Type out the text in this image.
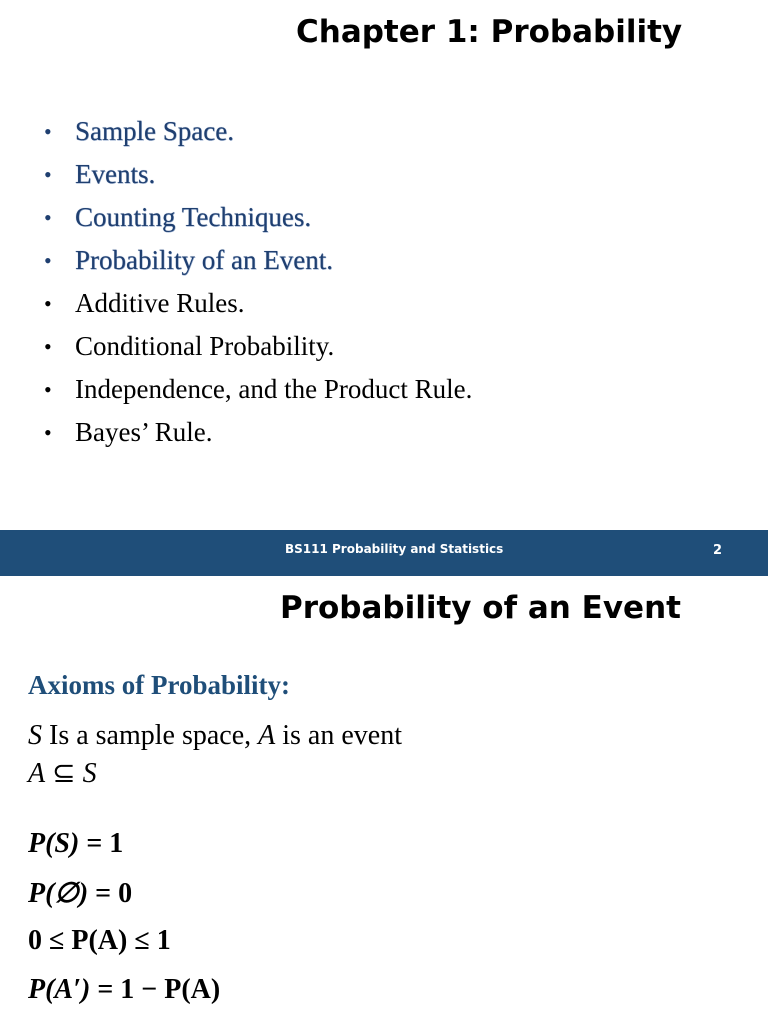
Chapter 1: Probability
• Sample Space.
• Events.
• Counting Techniques.
• Probability of an Event.
• Additive Rules.
• Conditional Probability.
• Independence, and the Product Rule.
• Bayes’ Rule.
BS111 Probability and Statistics	2
Probability of an Event
Axioms of Probability:
S Is a sample space, A is an event
A ⊆ S
P(S) = 1
P(∅) = 0
0 ≤ P(A) ≤ 1
P(A′) = 1 − P(A)
